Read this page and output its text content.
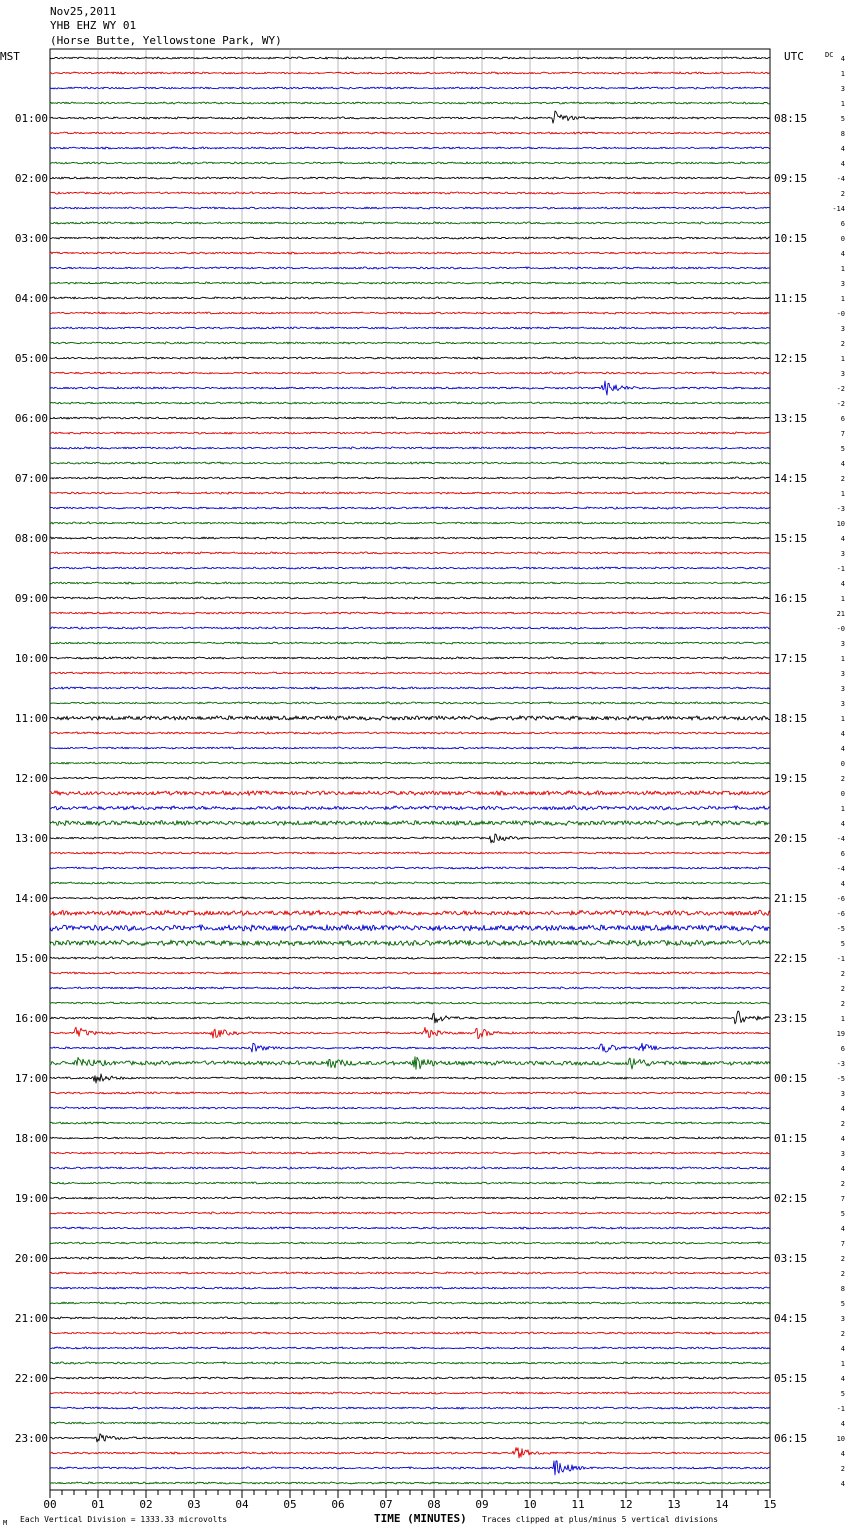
Nov25,2011
YHB EHZ WY 01
(Horse Butte, Yellowstone Park, WY)
00	01	02	03	04	05	06	07	08	09	10	11	12	13	14	15
MST	UTC	DC
01:00
02:00
03:00
04:00
05:00
06:00
07:00
08:00
09:00
10:00
11:00
12:00
13:00
14:00
15:00
16:00
17:00
18:00
19:00
20:00
21:00
22:00
23:00
08:15
09:15
10:15
11:15
12:15
13:15
14:15
15:15
16:15
17:15
18:15
19:15
20:15
21:15
22:15
23:15
00:15
01:15
02:15
03:15
04:15
05:15
06:15
4
1
3
1
5
8
4
4
-4
2
-14
6
0
4
1
3
1
-0
3
2
1
3
-2
-2
6
7
5
4
2
1
-3
10
4
3
-1
4
1
21
-0
3
1
3
3
3
1
4
4
0
2
0
1
4
-4
6
-4
4
-6
-6
-5
5
-1
2
2
2
1
19
6
-3
-5
3
4
2
4
3
4
2
7
5
4
7
2
2
8
5
3
2
4
1
4
5
-1
4
10
4
2
4
TIME (MINUTES)
M Each Vertical Division = 1333.33 microvolts	Traces clipped at plus/minus 5 vertical divisions
